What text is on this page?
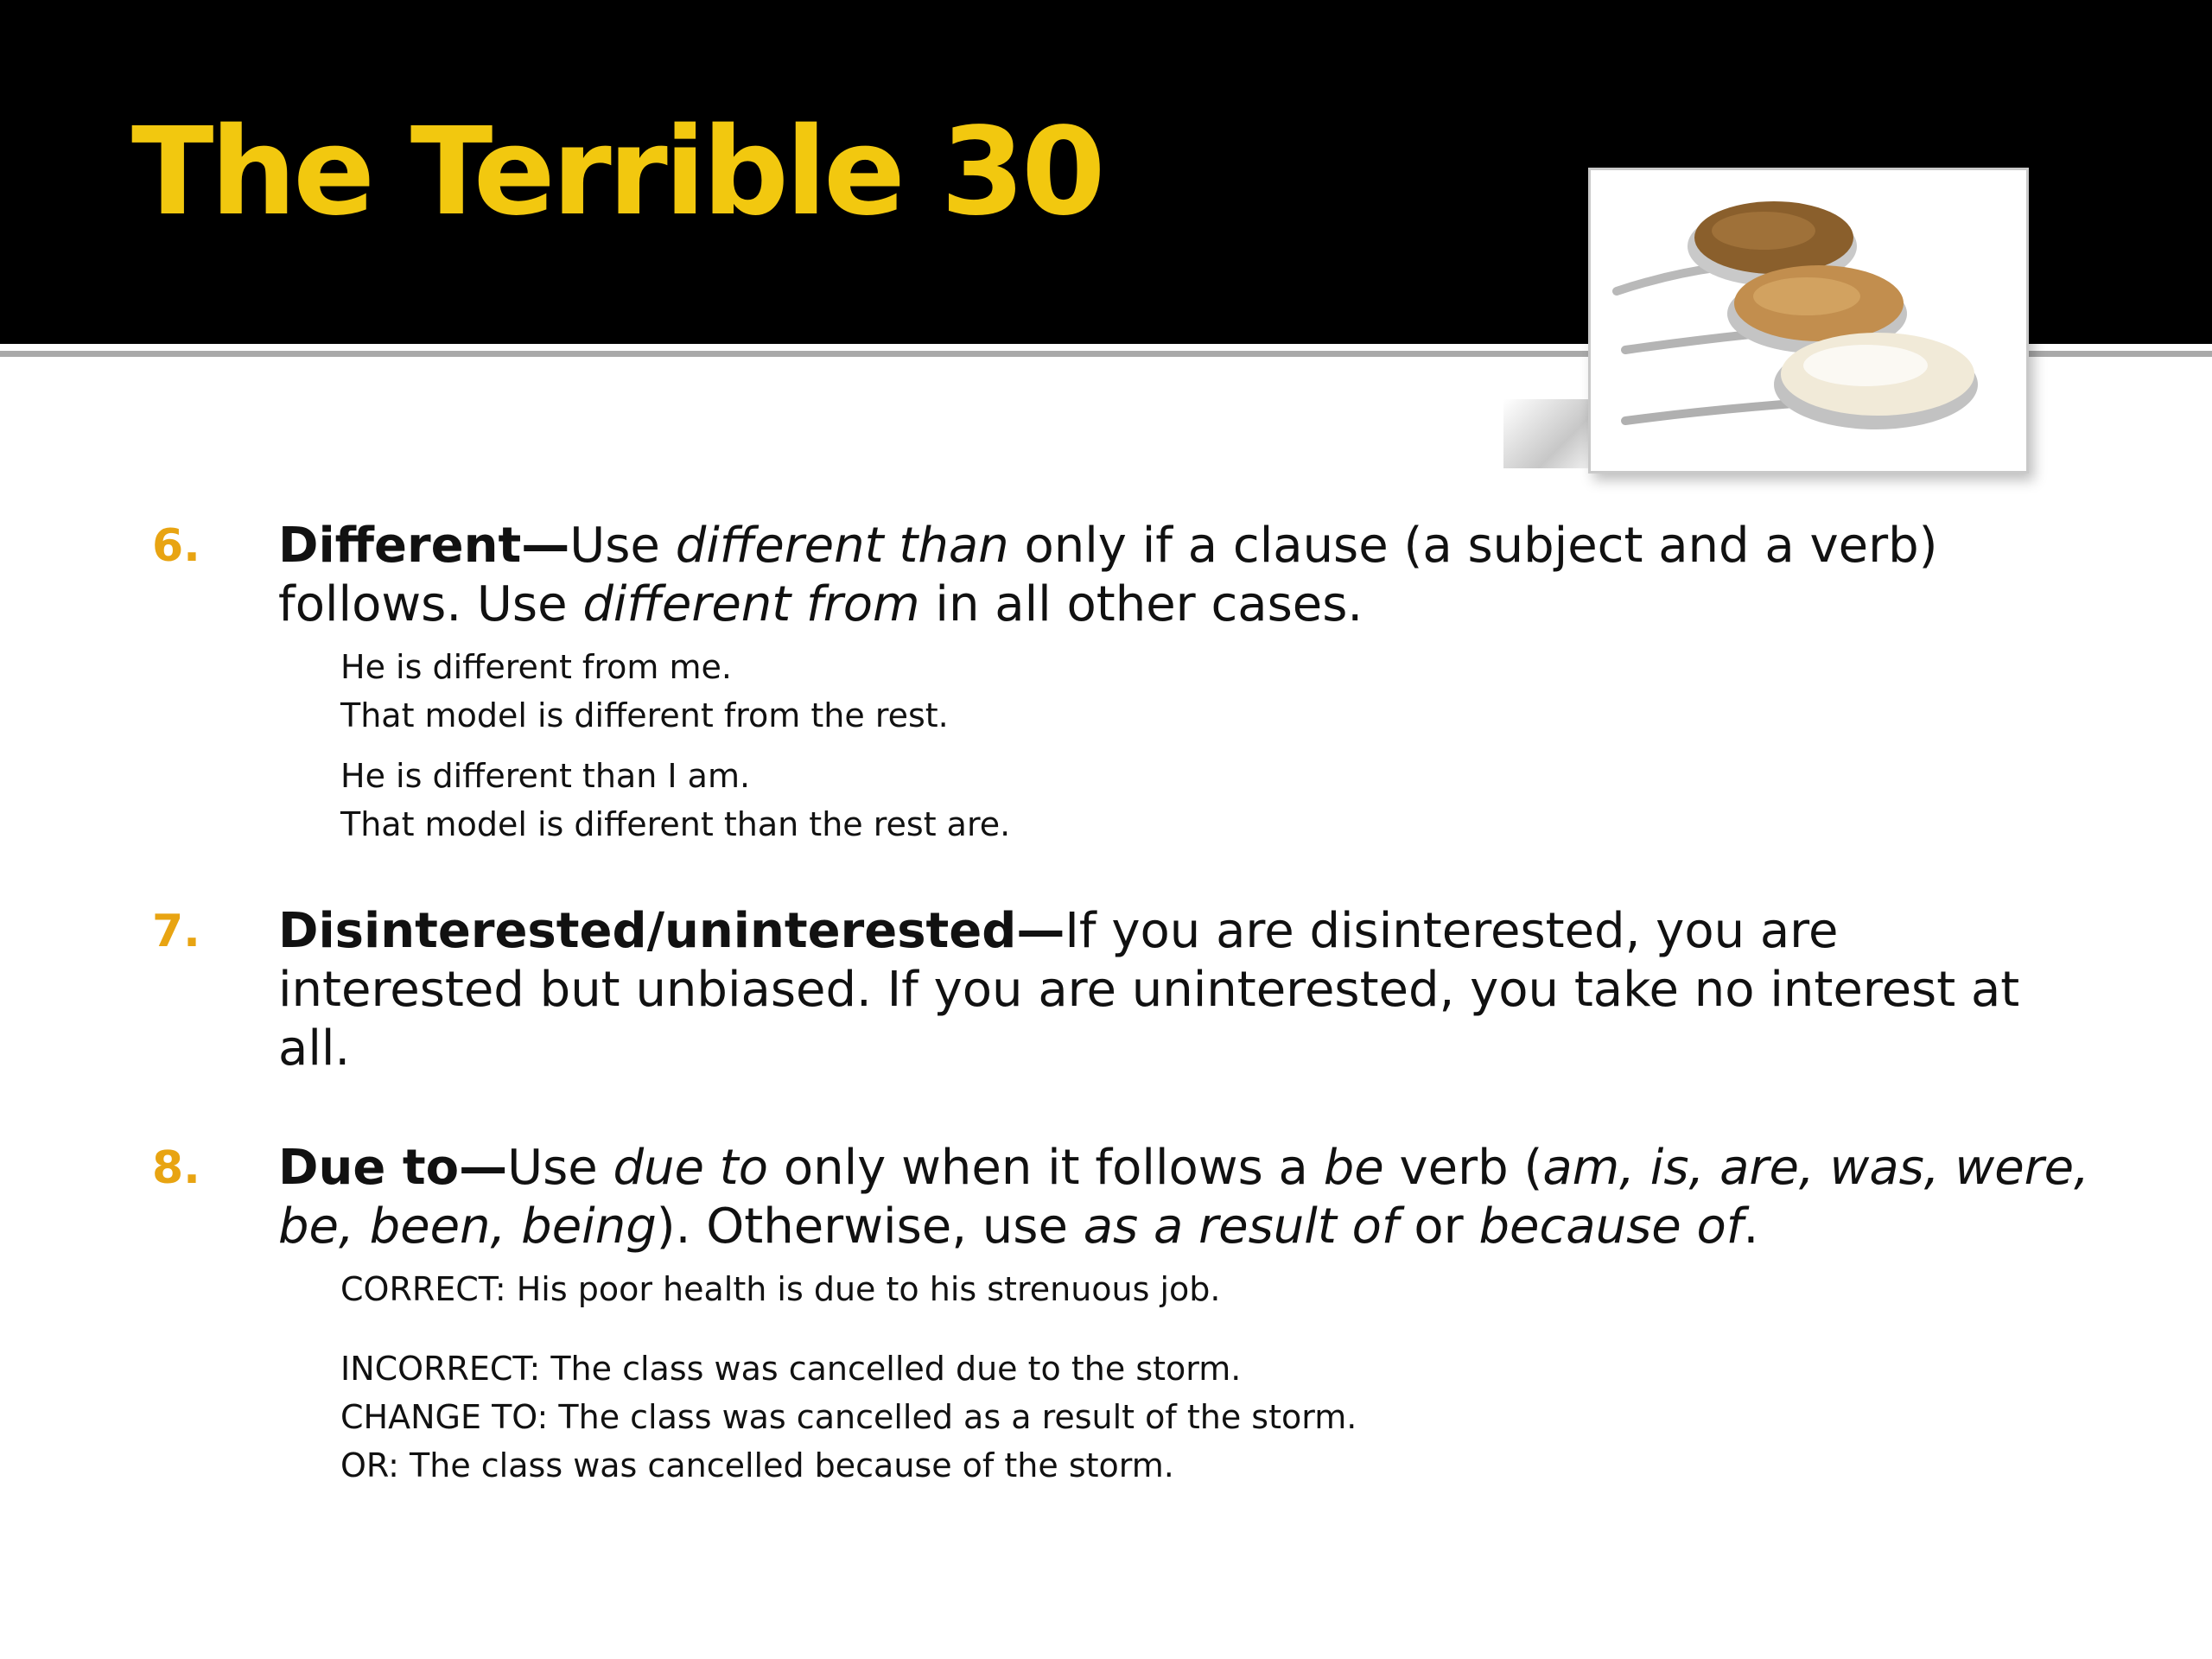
The Terrible 30
6. Different—Use different than only if a clause (a subject and a verb) follows. Use different from in all other cases.
He is different from me.
That model is different from the rest.
He is different than I am.
That model is different than the rest are.
7. Disinterested/uninterested—If you are disinterested, you are interested but unbiased. If you are uninterested, you take no interest at all.
8. Due to—Use due to only when it follows a be verb (am, is, are, was, were, be, been, being). Otherwise, use as a result of or because of.
CORRECT: His poor health is due to his strenuous job.
INCORRECT: The class was cancelled due to the storm.
CHANGE TO: The class was cancelled as a result of the storm.
OR: The class was cancelled because of the storm.
